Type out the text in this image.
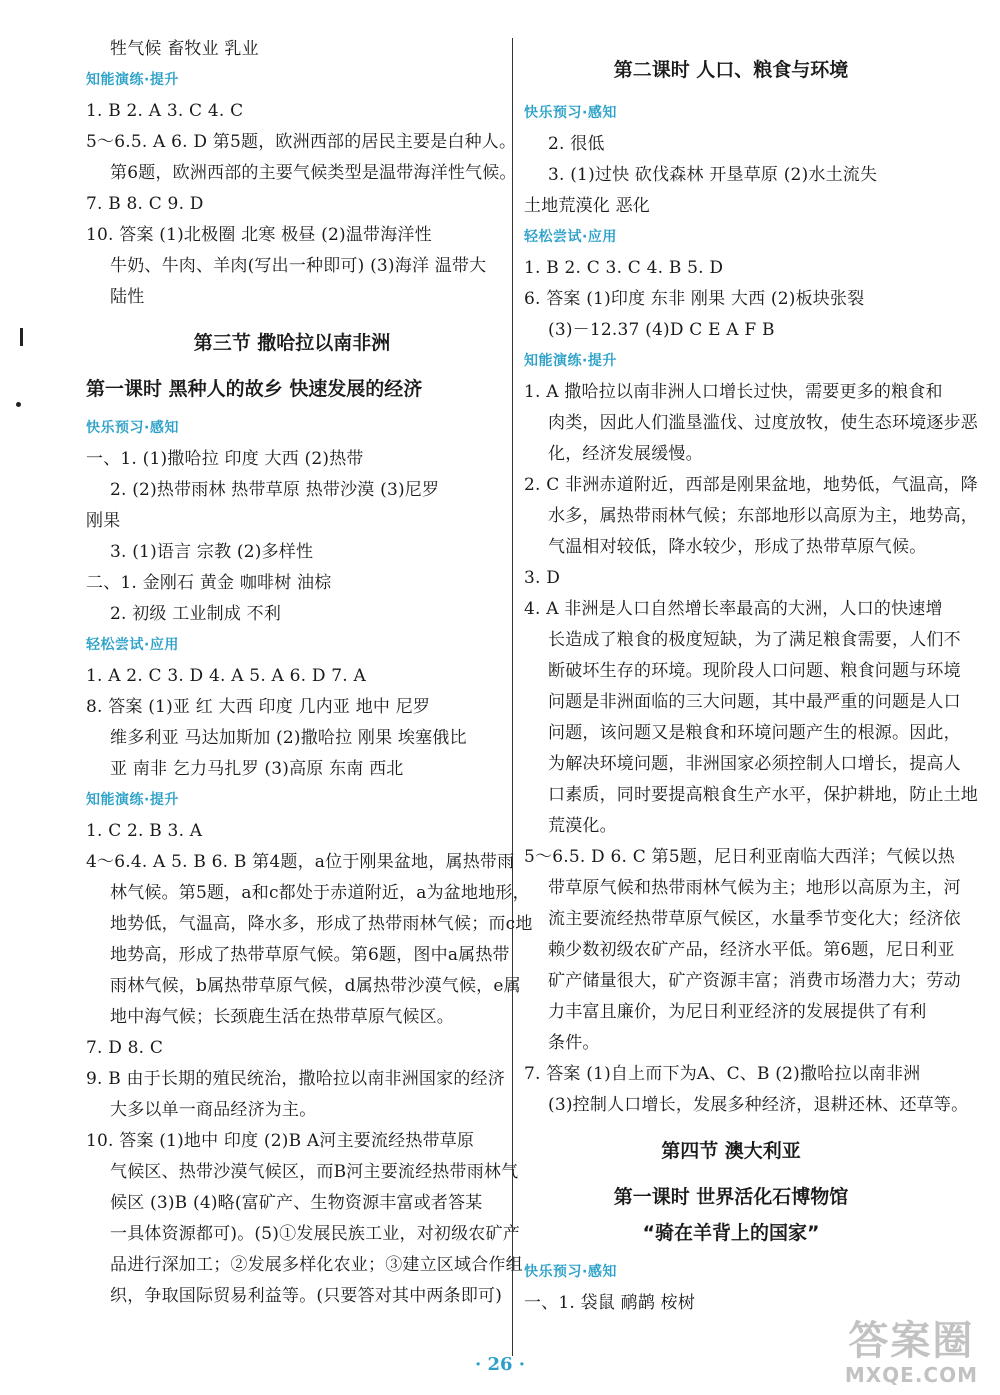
牲气候 畜牧业 乳业
知能演练·提升
1. B 2. A 3. C 4. C
5～6.5. A 6. D 第5题，欧洲西部的居民主要是白种人。
第6题，欧洲西部的主要气候类型是温带海洋性气候。
7. B 8. C 9. D
10. 答案 (1)北极圈 北寒 极昼 (2)温带海洋性
牛奶、牛肉、羊肉(写出一种即可) (3)海洋 温带大
陆性
第三节 撒哈拉以南非洲
第一课时 黑种人的故乡 快速发展的经济
快乐预习·感知
一、1. (1)撒哈拉 印度 大西 (2)热带
2. (2)热带雨林 热带草原 热带沙漠 (3)尼罗
刚果
3. (1)语言 宗教 (2)多样性
二、1. 金刚石 黄金 咖啡树 油棕
2. 初级 工业制成 不利
轻松尝试·应用
1. A 2. C 3. D 4. A 5. A 6. D 7. A
8. 答案 (1)亚 红 大西 印度 几内亚 地中 尼罗
维多利亚 马达加斯加 (2)撒哈拉 刚果 埃塞俄比
亚 南非 乞力马扎罗 (3)高原 东南 西北
知能演练·提升
1. C 2. B 3. A
4～6.4. A 5. B 6. B 第4题，a位于刚果盆地，属热带雨
林气候。第5题，a和c都处于赤道附近，a为盆地地形，
地势低，气温高，降水多，形成了热带雨林气候；而c地
地势高，形成了热带草原气候。第6题，图中a属热带
雨林气候，b属热带草原气候，d属热带沙漠气候，e属
地中海气候；长颈鹿生活在热带草原气候区。
7. D 8. C
9. B 由于长期的殖民统治，撒哈拉以南非洲国家的经济
大多以单一商品经济为主。
10. 答案 (1)地中 印度 (2)B A河主要流经热带草原
气候区、热带沙漠气候区，而B河主要流经热带雨林气
候区 (3)B (4)略(富矿产、生物资源丰富或者答某
一具体资源都可)。(5)①发展民族工业，对初级农矿产
品进行深加工；②发展多样化农业；③建立区域合作组
织，争取国际贸易利益等。(只要答对其中两条即可)
第二课时 人口、粮食与环境
快乐预习·感知
2. 很低
3. (1)过快 砍伐森林 开垦草原 (2)水土流失
土地荒漠化 恶化
轻松尝试·应用
1. B 2. C 3. C 4. B 5. D
6. 答案 (1)印度 东非 刚果 大西 (2)板块张裂
(3)－12.37 (4)D C E A F B
知能演练·提升
1. A 撒哈拉以南非洲人口增长过快，需要更多的粮食和
肉类，因此人们滥垦滥伐、过度放牧，使生态环境逐步恶
化，经济发展缓慢。
2. C 非洲赤道附近，西部是刚果盆地，地势低，气温高，降
水多，属热带雨林气候；东部地形以高原为主，地势高，
气温相对较低，降水较少，形成了热带草原气候。
3. D
4. A 非洲是人口自然增长率最高的大洲，人口的快速增
长造成了粮食的极度短缺，为了满足粮食需要，人们不
断破坏生存的环境。现阶段人口问题、粮食问题与环境
问题是非洲面临的三大问题，其中最严重的问题是人口
问题，该问题又是粮食和环境问题产生的根源。因此，
为解决环境问题，非洲国家必须控制人口增长，提高人
口素质，同时要提高粮食生产水平，保护耕地，防止土地
荒漠化。
5～6.5. D 6. C 第5题，尼日利亚南临大西洋；气候以热
带草原气候和热带雨林气候为主；地形以高原为主，河
流主要流经热带草原气候区，水量季节变化大；经济依
赖少数初级农矿产品，经济水平低。第6题，尼日利亚
矿产储量很大，矿产资源丰富；消费市场潜力大；劳动
力丰富且廉价，为尼日利亚经济的发展提供了有利
条件。
7. 答案 (1)自上而下为A、C、B (2)撒哈拉以南非洲
(3)控制人口增长，发展多种经济，退耕还林、还草等。
第四节 澳大利亚
第一课时 世界活化石博物馆
“骑在羊背上的国家”
快乐预习·感知
一、1. 袋鼠 鸸鹋 桉树
· 26 ·
答案圈
MXQE.COM
